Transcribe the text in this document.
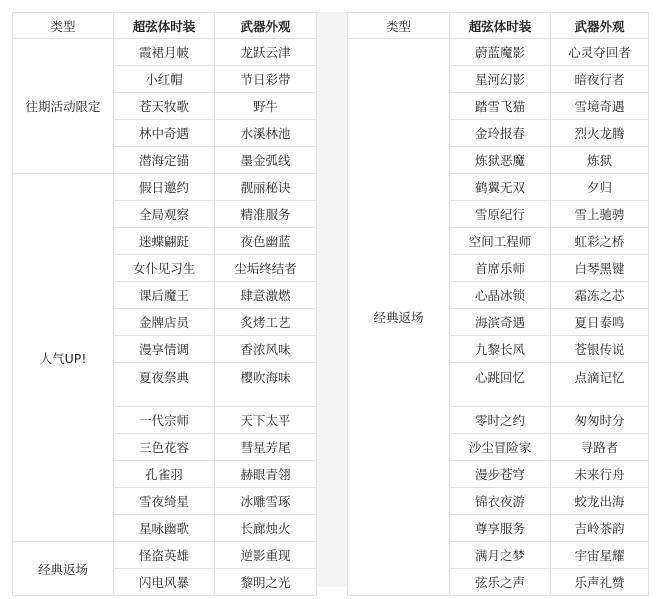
类型	超弦体时装	武器外观
往期活动限定	霞裙月帔	龙跃云津
	小红帽	节日彩带
	苍天牧歌	野牛
	林中奇遇	水溪林池
	潜海定锚	墨金弧线
人气UP!	假日邀约	靓丽秘诀
	全局观察	精准服务
	迷蝶翩跹	夜色幽蓝
	女仆见习生	尘垢终结者
	课后魔王	肆意激燃
	金牌店员	炙烤工艺
	漫享情调	香浓风味
	夏夜祭典	樱吹海味
	一代宗师	天下太平
	三色花容	彗星芳尾
	孔雀羽	赫眼青翎
	雪夜绮星	冰雕雪琢
	星咏幽歌	长廊烛火
经典返场	怪盗英雄	逆影重现
	闪电风暴	黎明之光
类型	超弦体时装	武器外观
经典返场	蔚蓝魔影	心灵夺回者
	星河幻影	暗夜行者
	踏雪飞猫	雪境奇遇
	金玲报春	烈火龙腾
	炼狱恶魔	炼狱
	鹤翼无双	夕归
	雪原纪行	雪上驰骋
	空间工程师	虹彩之桥
	首席乐师	白琴黑键
	心晶冰锁	霜冻之芯
	海滨奇遇	夏日泰鸣
	九黎长风	苍银传说
	心跳回忆	点滴记忆
	零时之约	匆匆时分
	沙尘冒险家	寻路者
	漫步苍穹	未来行舟
	锦衣夜游	蛟龙出海
	尊享服务	吉岭茶韵
	满月之梦	宇宙星耀
	弦乐之声	乐声礼赞
